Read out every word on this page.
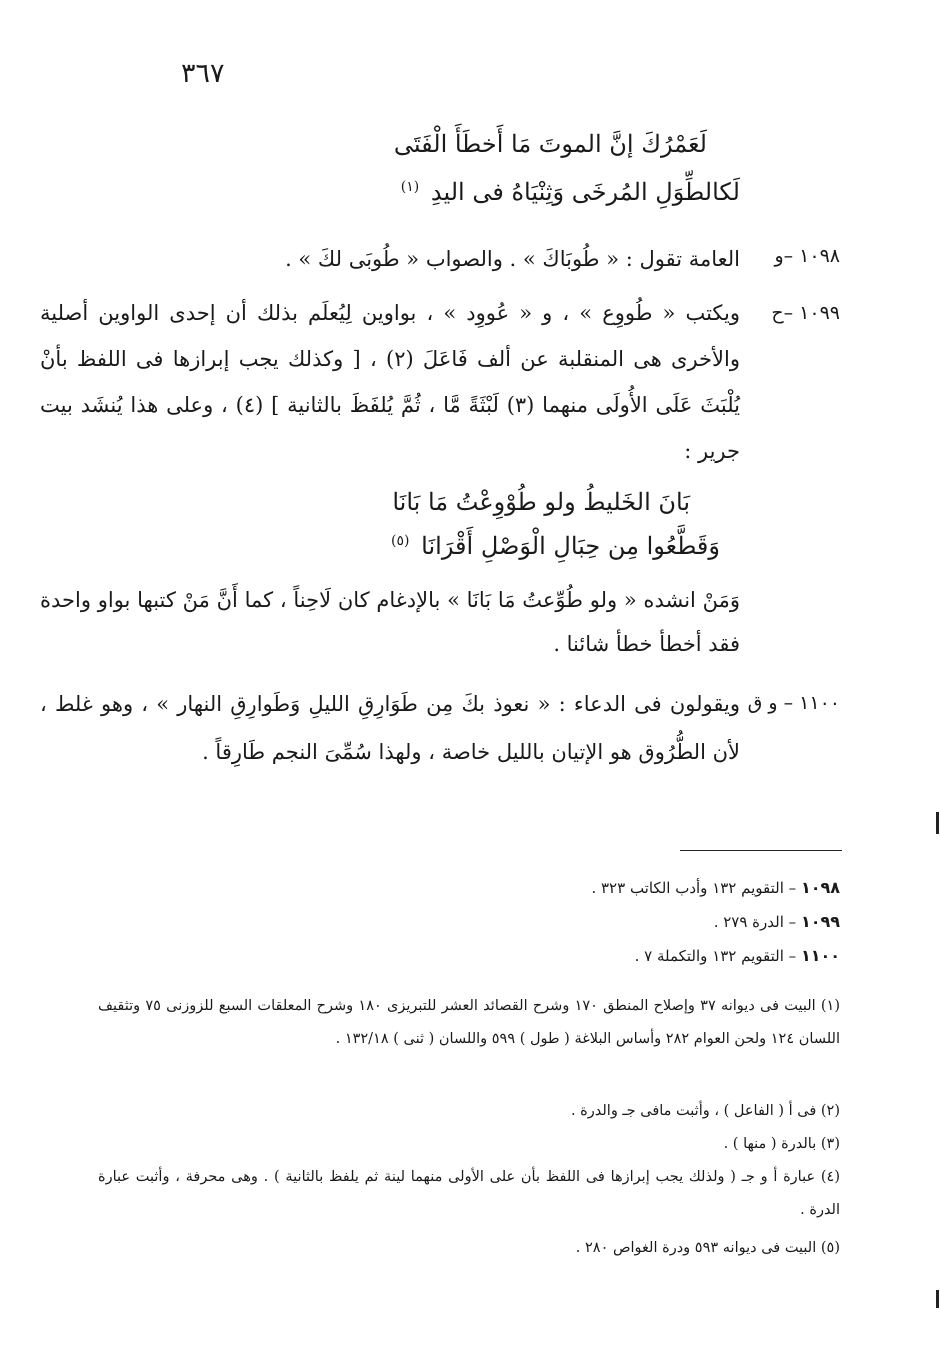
٣٦٧
لَعَمْرُكَ إنَّ الموتَ مَا أَخطَأَ الْفَتَى
لَكالطِّوَلِ المُرخَى وَثِنْيَاهُ فى اليدِ $^{(١)}$
١٠٩٨ –و
العامة تقول : « طُوبَاكَ » . والصواب « طُوبَى لكَ » .
١٠٩٩ –ح
ويكتب « طُووِع » ، و « عُووِد » ، بواوين لِيُعلَم بذلك أن إحدى الواوين أصلية والأخرى هى المنقلبة عن ألف فَاعَلَ (٢) ، [ وكذلك يجب إبرازها فى اللفظ بأنْ يُلْبَثَ عَلَى الأُولَى منهما (٣) لَبْثَةً مَّا ، ثُمَّ يُلفَظَ بالثانية ] (٤) ، وعلى هذا يُنشَد بيت جرير :
بَانَ الخَليطُ ولو طُوْوِعْتُ مَا بَانَا
وَقَطَّعُوا مِن حِبَالِ الْوَصْلِ أَقْرَانَا $^{(٥)}$
وَمَنْ انشده « ولو طُوِّعتُ مَا بَانَا » بالإدغام كان لَاحِناً ، كما أَنَّ مَنْ كتبها بواو واحدة فقد أخطأ خطأ شائنا .
١١٠٠ – و ق
ويقولون فى الدعاء : « نعوذ بكَ مِن طَوَارِقِ الليلِ وَطَوارِقِ النهار » ، وهو غلط ، لأن الطُّرُوق هو الإتيان بالليل خاصة ، ولهذا سُمِّىَ النجم طَارِقاً .
١٠٩٨ – التقويم ١٣٢ وأدب الكاتب ٣٢٣ .
١٠٩٩ – الدرة ٢٧٩ .
١١٠٠ – التقويم ١٣٢ والتكملة ٧ .
(١) البيت فى ديوانه ٣٧ وإصلاح المنطق ١٧٠ وشرح القصائد العشر للتبريزى ١٨٠ وشرح المعلقات السبع للزوزنى ٧٥ وتثقيف اللسان ١٢٤ ولحن العوام ٢٨٢ وأساس البلاغة ( طول ) ٥٩٩ واللسان ( ثنى ) ١٣٢/١٨ .
(٢) فى أ ( الفاعل ) ، وأثبت مافى جـ والدرة .
(٣) بالدرة ( منها ) .
(٤) عبارة أ و جـ ( ولذلك يجب إبرازها فى اللفظ بأن على الأولى منهما لينة ثم يلفظ بالثانية ) . وهى محرفة ، وأثبت عبارة الدرة .
(٥) البيت فى ديوانه ٥٩٣ ودرة الغواص ٢٨٠ .
